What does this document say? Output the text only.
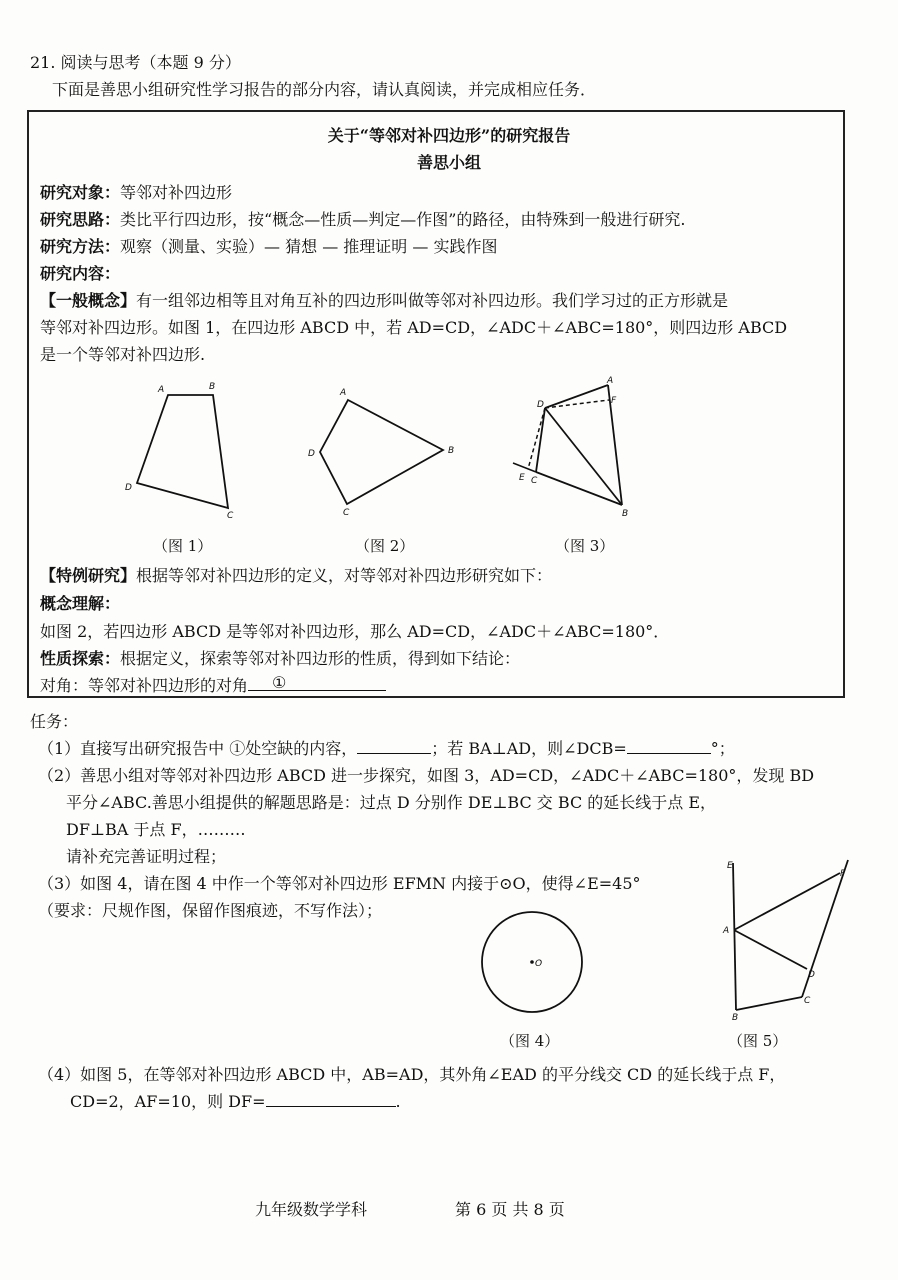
21. 阅读与思考（本题 9 分）
下面是善思小组研究性学习报告的部分内容，请认真阅读，并完成相应任务．
关于“等邻对补四边形”的研究报告
善思小组
研究对象：等邻对补四边形
研究思路：类比平行四边形，按“概念—性质—判定—作图”的路径，由特殊到一般进行研究.
研究方法：观察（测量、实验）— 猜想 — 推理证明 — 实践作图
研究内容：
【一般概念】有一组邻边相等且对角互补的四边形叫做等邻对补四边形。我们学习过的正方形就是
等邻对补四边形。如图 1，在四边形 ABCD 中，若 AD=CD，∠ADC＋∠ABC=180°，则四边形 ABCD
是一个等邻对补四边形.
A	B
C
D
A
B
C
D
A
B
C
D
E
F
（图 1）	（图 2）	（图 3）
【特例研究】根据等邻对补四边形的定义，对等邻对补四边形研究如下：
概念理解：
如图 2，若四边形 ABCD 是等邻对补四边形，那么 AD=CD，∠ADC＋∠ABC=180°．
性质探索：根据定义，探索等邻对补四边形的性质，得到如下结论：
对角：等邻对补四边形的对角 ①
任务：
（1）直接写出研究报告中 ①处空缺的内容，	；若 BA⊥AD，则∠DCB=	°；
（2）善思小组对等邻对补四边形 ABCD 进一步探究，如图 3，AD=CD，∠ADC＋∠ABC=180°，发现 BD
平分∠ABC.善思小组提供的解题思路是：过点 D 分别作 DE⊥BC 交 BC 的延长线于点 E，
DF⊥BA 于点 F，………
请补充完善证明过程；
（3）如图 4，请在图 4 中作一个等邻对补四边形 EFMN 内接于⊙O，使得∠E=45°
（要求：尺规作图，保留作图痕迹，不写作法）；
O
E
A
B
C
D
F
（图 4）	（图 5）
（4）如图 5，在等邻对补四边形 ABCD 中，AB=AD，其外角∠EAD 的平分线交 CD 的延长线于点 F，
CD=2，AF=10，则 DF=	.
九年级数学学科	第 6 页 共 8 页
